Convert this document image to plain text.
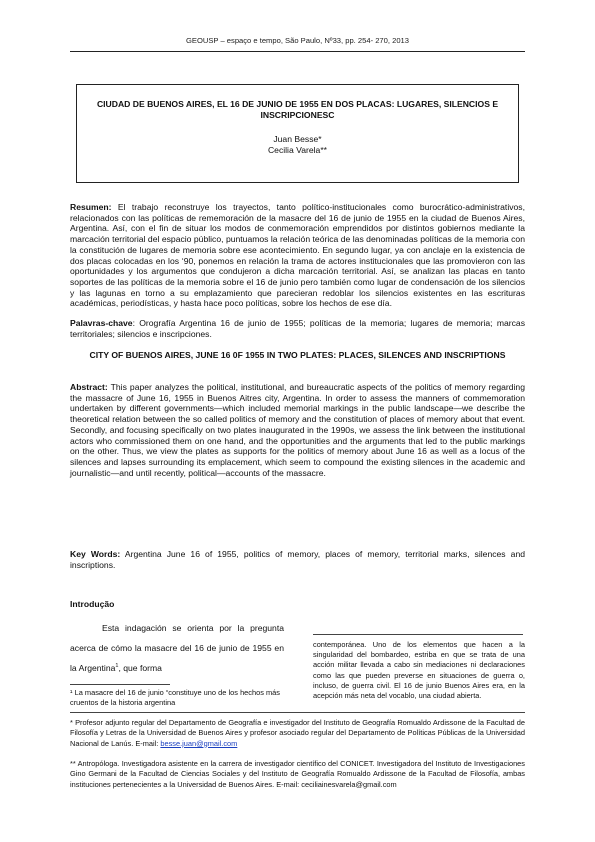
GEOUSP – espaço e tempo, São Paulo, Nº33, pp. 254- 270, 2013
CIUDAD DE BUENOS AIRES, EL 16 DE JUNIO DE 1955 EN DOS PLACAS: LUGARES, SILENCIOS E INSCRIPCIONESC
Juan Besse*
Cecilia Varela**
Resumen: El trabajo reconstruye los trayectos, tanto político-institucionales como burocrático-administrativos, relacionados con las políticas de rememoración de la masacre del 16 de junio de 1955 en la ciudad de Buenos Aires, Argentina. Así, con el fin de situar los modos de conmemoración emprendidos por distintos gobiernos mediante la marcación territorial del espacio público, puntuamos la relación teórica de las denominadas políticas de la memoria con la constitución de lugares de memoria sobre ese acontecimiento. En segundo lugar, ya con anclaje en la existencia de dos placas colocadas en los ‘90, ponemos en relación la trama de actores institucionales que las promovieron con las oportunidades y los argumentos que condujeron a dicha marcación territorial. Así, se analizan las placas en tanto soportes de las políticas de la memoria sobre el 16 de junio pero también como lugar de condensación de los silencios y las lagunas en torno a su emplazamiento que parecieran redoblar los silencios existentes en las escrituras académicas, periodísticas, y hasta hace poco políticas, sobre los hechos de ese día.
Palavras-chave: Orografía Argentina 16 de junio de 1955; políticas de la memoria; lugares de memoria; marcas territoriales; silencios e inscripciones.
CITY OF BUENOS AIRES, JUNE 16 0F 1955 IN TWO PLATES: PLACES, SILENCES AND INSCRIPTIONS
Abstract: This paper analyzes the political, institutional, and bureaucratic aspects of the politics of memory regarding the massacre of June 16, 1955 in Buenos Aitres city, Argentina. In order to assess the manners of commemoration undertaken by different governments—which included memorial markings in the public landscape—we describe the theoretical relation between the so called politics of memory and the constitution of places of memory about that event. Secondly, and focusing specifically on two plates inaugurated in the 1990s, we assess the link between the institutional actors who commissioned them on one hand, and the opportunities and the arguments that led to the public markings on the other. Thus, we view the plates as supports for the politics of memory about June 16 as well as a locus of the silences and lapses surrounding its emplacement, which seem to compound the existing silences in the academic and journalistic—and until recently, political—accounts of the massacre.
Key Words: Argentina June 16 of 1955, politics of memory, places of memory, territorial marks, silences and inscriptions.
Introdução
Esta indagación se orienta por la pregunta acerca de cómo la masacre del 16 de junio de 1955 en la Argentina$^1$, que forma
¹ La masacre del 16 de junio “constituye uno de los hechos más cruentos de la historia argentina
contemporánea. Uno de los elementos que hacen a la singularidad del bombardeo, estriba en que se trata de una acción militar llevada a cabo sin mediaciones ni declaraciones como las que pueden preverse en situaciones de guerra o, incluso, de guerra civil. El 16 de junio Buenos Aires era, en la acepción más neta del vocablo, una ciudad abierta.
* Profesor adjunto regular del Departamento de Geografía e investigador del Instituto de Geografía Romualdo Ardissone de la Facultad de Filosofía y Letras de la Universidad de Buenos Aires y profesor asociado regular del Departamento de Políticas Públicas de la Universidad Nacional de Lanús. E-mail: besse.juan@gmail.com
** Antropóloga. Investigadora asistente en la carrera de investigador científico del CONICET. Investigadora del Instituto de Investigaciones Gino Germani de la Facultad de Ciencias Sociales y del Instituto de Geografía Romualdo Ardissone de la Facultad de Filosofía, ambas instituciones pertenecientes a la Universidad de Buenos Aires. E-mail: ceciliainesvarela@gmail.com
